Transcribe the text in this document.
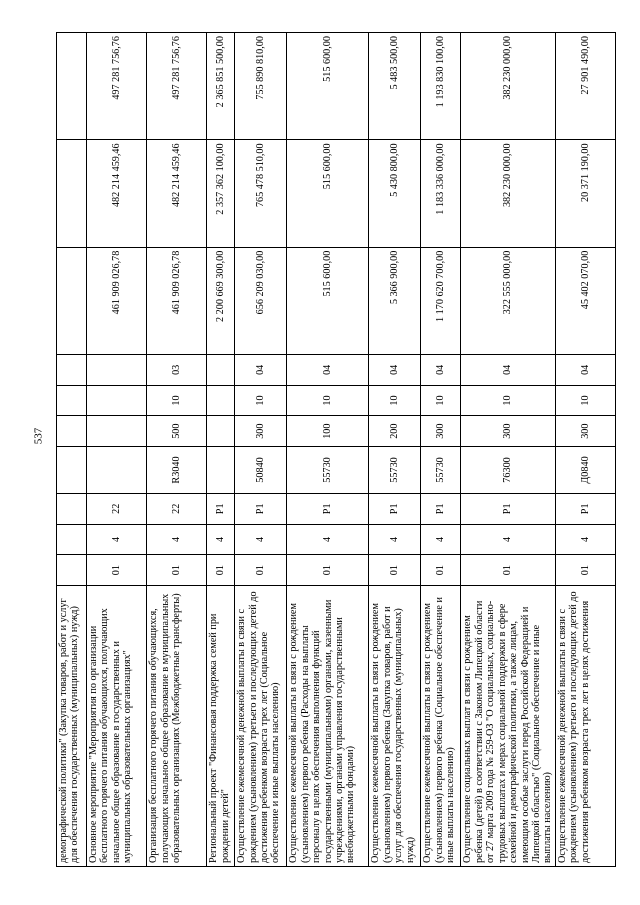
537
демографической политики" (Закупка товаров, работ и услуг для обеспечения государственных (муниципальных) нужд)										
Основное мероприятие "Мероприятия по организации бесплатного горячего питания обучающихся, получающих начальное общее образование в государственных и муниципальных образовательных организациях"	01	4	22					461 909 026,78	482 214 459,46	497 281 756,76
Организация бесплатного горячего питания обучающихся, получающих начальное общее образование в муниципальных образовательных организациях (Межбюджетные трансферты)	01	4	22	R3040	500	10	03	461 909 026,78	482 214 459,46	497 281 756,76
Региональный проект "Финансовая поддержка семей при рождении детей"	01	4	P1					2 200 669 300,00	2 357 362 100,00	2 365 851 500,00
Осуществление ежемесячной денежной выплаты в связи с рождением (усыновлением) третьего и последующих детей до достижения ребенком возраста трех лет (Социальное обеспечение и иные выплаты населению)	01	4	P1	50840	300	10	04	656 209 030,00	765 478 510,00	755 890 810,00
Осуществление ежемесячной выплаты в связи с рождением (усыновлением) первого ребенка (Расходы на выплаты персоналу в целях обеспечения выполнения функций государственными (муниципальными) органами, казенными учреждениями, органами управления государственными внебюджетными фондами)	01	4	P1	55730	100	10	04	515 600,00	515 600,00	515 600,00
Осуществление ежемесячной выплаты в связи с рождением (усыновлением) первого ребенка (Закупка товаров, работ и услуг для обеспечения государственных (муниципальных) нужд)	01	4	P1	55730	200	10	04	5 366 900,00	5 430 800,00	5 483 500,00
Осуществление ежемесячной выплаты в связи с рождением (усыновлением) первого ребенка (Социальное обеспечение и иные выплаты населению)	01	4	P1	55730	300	10	04	1 170 620 700,00	1 183 336 000,00	1 193 830 100,00
Осуществление социальных выплат в связи с рождением ребенка (детей) в соответствии с Законом Липецкой области от 27 марта 2009 года № 259-ОЗ "О социальных, социально-трудовых выплатах и мерах социальной поддержки в сфере семейной и демографической политики, а также лицам, имеющим особые заслуги перед Российской Федерацией и Липецкой областью" (Социальное обеспечение и иные выплаты населению)	01	4	P1	76300	300	10	04	322 555 000,00	382 230 000,00	382 230 000,00
Осуществление ежемесячной денежной выплаты в связи с рождением (усыновлением) третьего и последующих детей до достижения ребенком возраста трех лет в целях достижения	01	4	P1	Д0840	300	10	04	45 402 070,00	20 371 190,00	27 901 490,00
